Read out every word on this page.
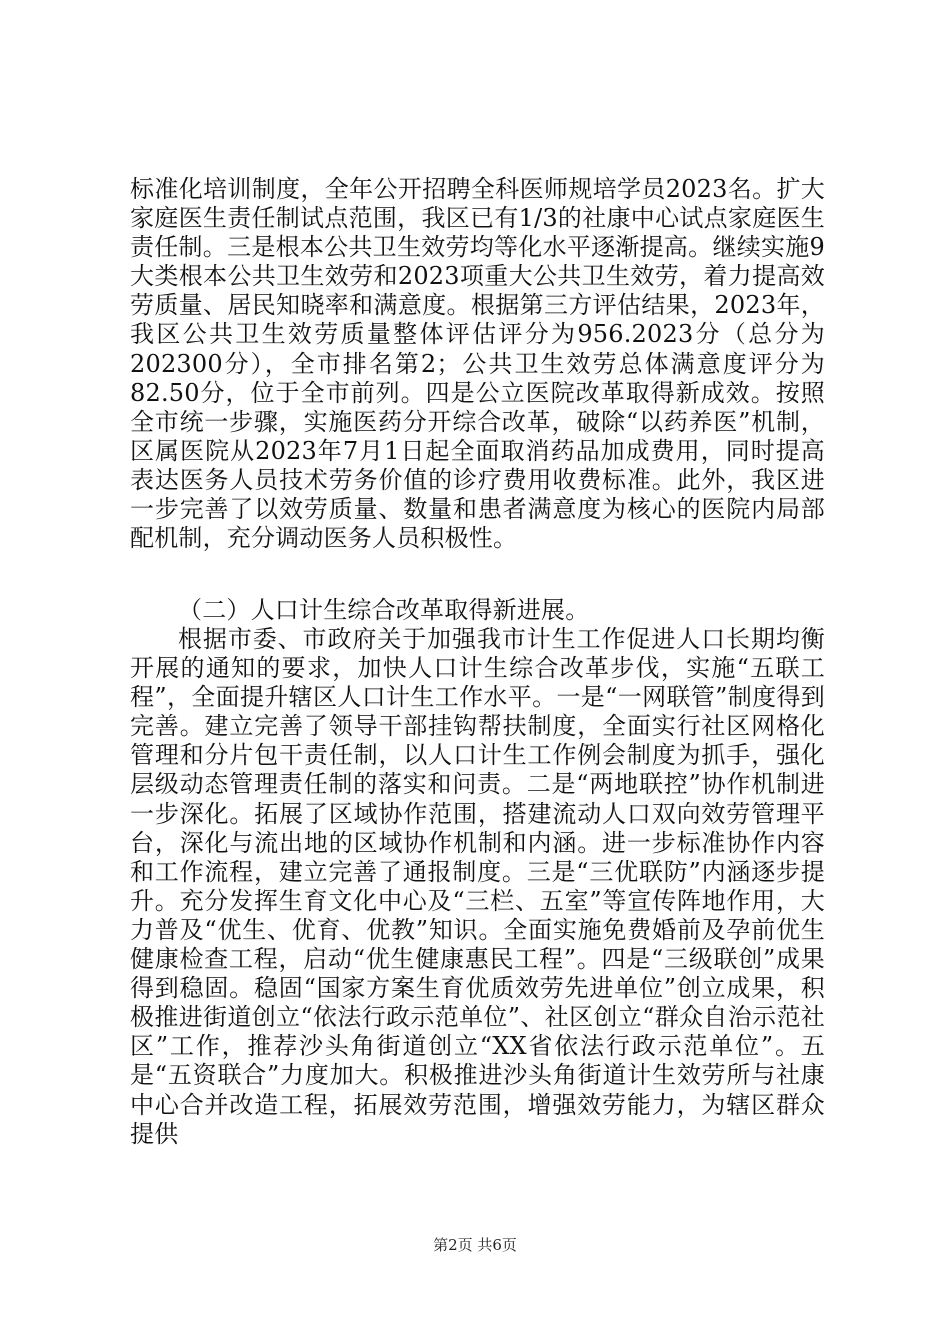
标准化培训制度，全年公开招聘全科医师规培学员2023名。扩大家庭医生责任制试点范围，我区已有1/3的社康中心试点家庭医生责任制。三是根本公共卫生效劳均等化水平逐渐提高。继续实施9大类根本公共卫生效劳和2023项重大公共卫生效劳，着力提高效劳质量、居民知晓率和满意度。根据第三方评估结果，2023年，我区公共卫生效劳质量整体评估评分为956.2023分（总分为202300分），全市排名第2；公共卫生效劳总体满意度评分为82.50分，位于全市前列。四是公立医院改革取得新成效。按照全市统一步骤，实施医药分开综合改革，破除“以药养医”机制，区属医院从2023年7月1日起全面取消药品加成费用，同时提高表达医务人员技术劳务价值的诊疗费用收费标准。此外，我区进一步完善了以效劳质量、数量和患者满意度为核心的医院内局部配机制，充分调动医务人员积极性。

（二）人口计生综合改革取得新进展。

根据市委、市政府关于加强我市计生工作促进人口长期均衡开展的通知的要求，加快人口计生综合改革步伐，实施“五联工程”，全面提升辖区人口计生工作水平。一是“一网联管”制度得到完善。建立完善了领导干部挂钩帮扶制度，全面实行社区网格化管理和分片包干责任制，以人口计生工作例会制度为抓手，强化层级动态管理责任制的落实和问责。二是“两地联控”协作机制进一步深化。拓展了区域协作范围，搭建流动人口双向效劳管理平台，深化与流出地的区域协作机制和内涵。进一步标准协作内容和工作流程，建立完善了通报制度。三是“三优联防”内涵逐步提升。充分发挥生育文化中心及“三栏、五室”等宣传阵地作用，大力普及“优生、优育、优教”知识。全面实施免费婚前及孕前优生健康检查工程，启动“优生健康惠民工程”。四是“三级联创”成果得到稳固。稳固“国家方案生育优质效劳先进单位”创立成果，积极推进街道创立“依法行政示范单位”、社区创立“群众自治示范社区”工作，推荐沙头角街道创立“XX省依法行政示范单位”。五是“五资联合”力度加大。积极推进沙头角街道计生效劳所与社康中心合并改造工程，拓展效劳范围，增强效劳能力，为辖区群众提供

第2页 共6页
